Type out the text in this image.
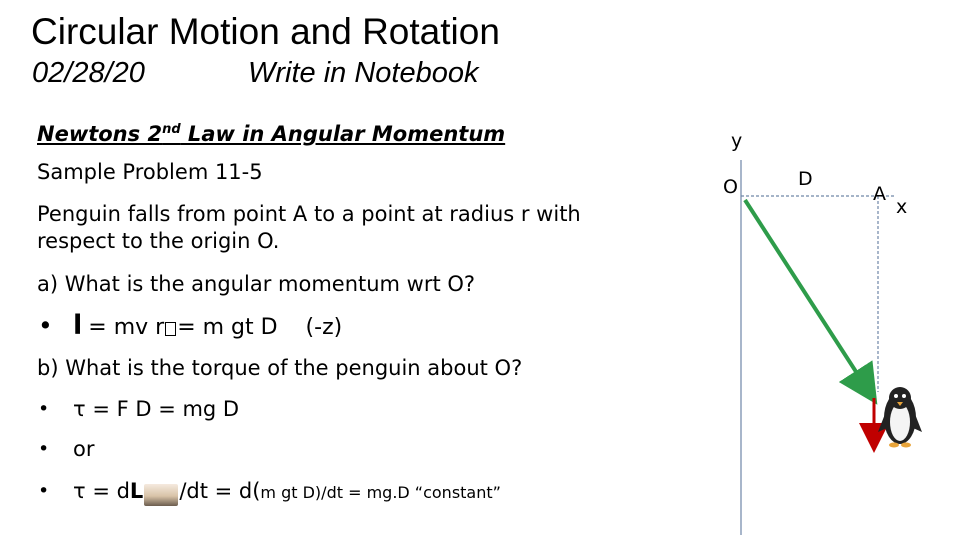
Circular Motion and Rotation
02/28/20	Write in Notebook
Newtons 2nd Law in Angular Momentum
Sample Problem 11-5
Penguin falls from point A to a point at radius r with
respect to the origin O.
a) What is the angular momentum wrt O?
• l = mv r = m gt D (-z)
b) What is the torque of the penguin about O?
• τ = F D = mg D
• or
• τ = dL /dt = d(m gt D)/dt = mg.D “constant”
y
O	D
A
x
